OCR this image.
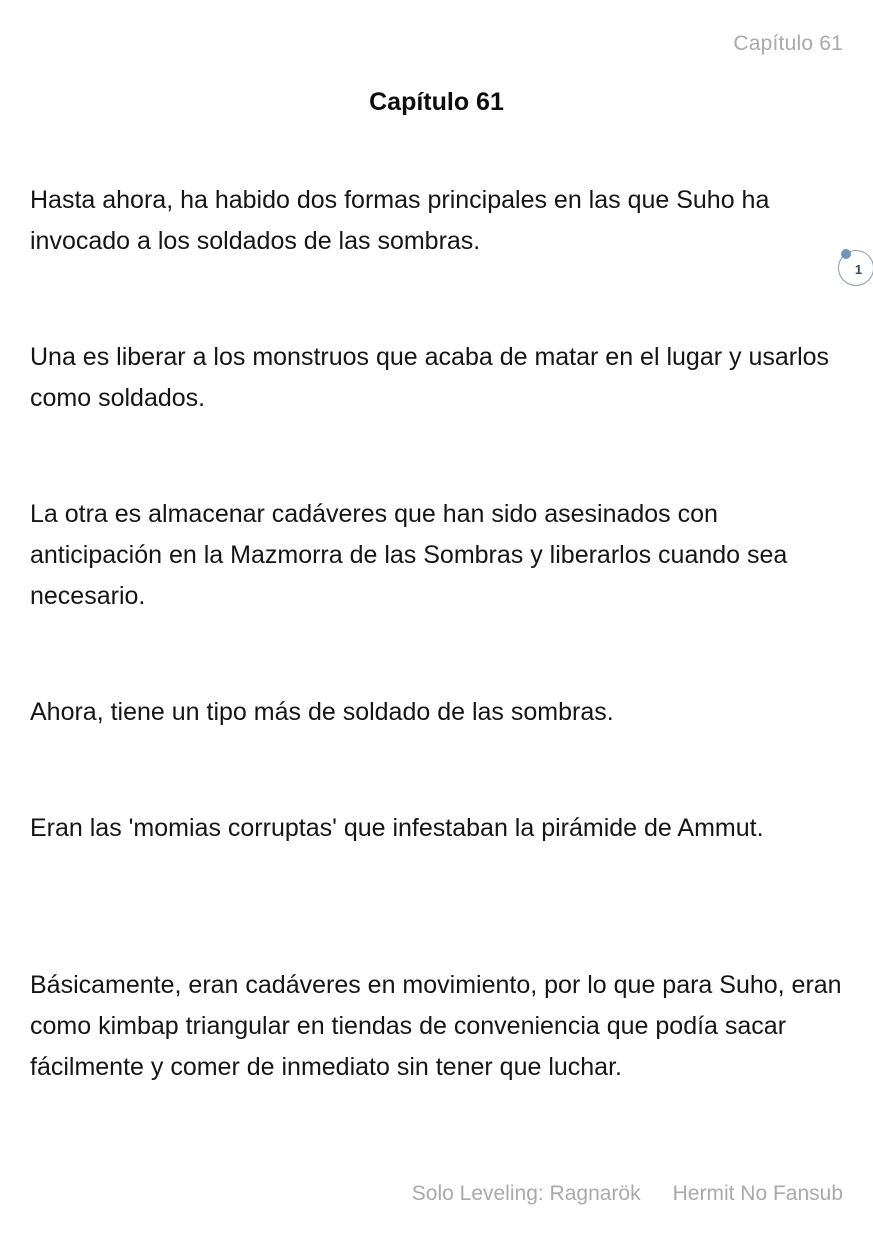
Capítulo 61
Capítulo 61

Hasta ahora, ha habido dos formas principales en las que Suho ha invocado a los soldados de las sombras.

Una es liberar a los monstruos que acaba de matar en el lugar y usarlos como soldados.

La otra es almacenar cadáveres que han sido asesinados con anticipación en la Mazmorra de las Sombras y liberarlos cuando sea necesario.

Ahora, tiene un tipo más de soldado de las sombras.

Eran las 'momias corruptas' que infestaban la pirámide de Ammut.

Básicamente, eran cadáveres en movimiento, por lo que para Suho, eran como kimbap triangular en tiendas de conveniencia que podía sacar fácilmente y comer de inmediato sin tener que luchar.

1
Solo Leveling: Ragnarök Hermit No Fansub
